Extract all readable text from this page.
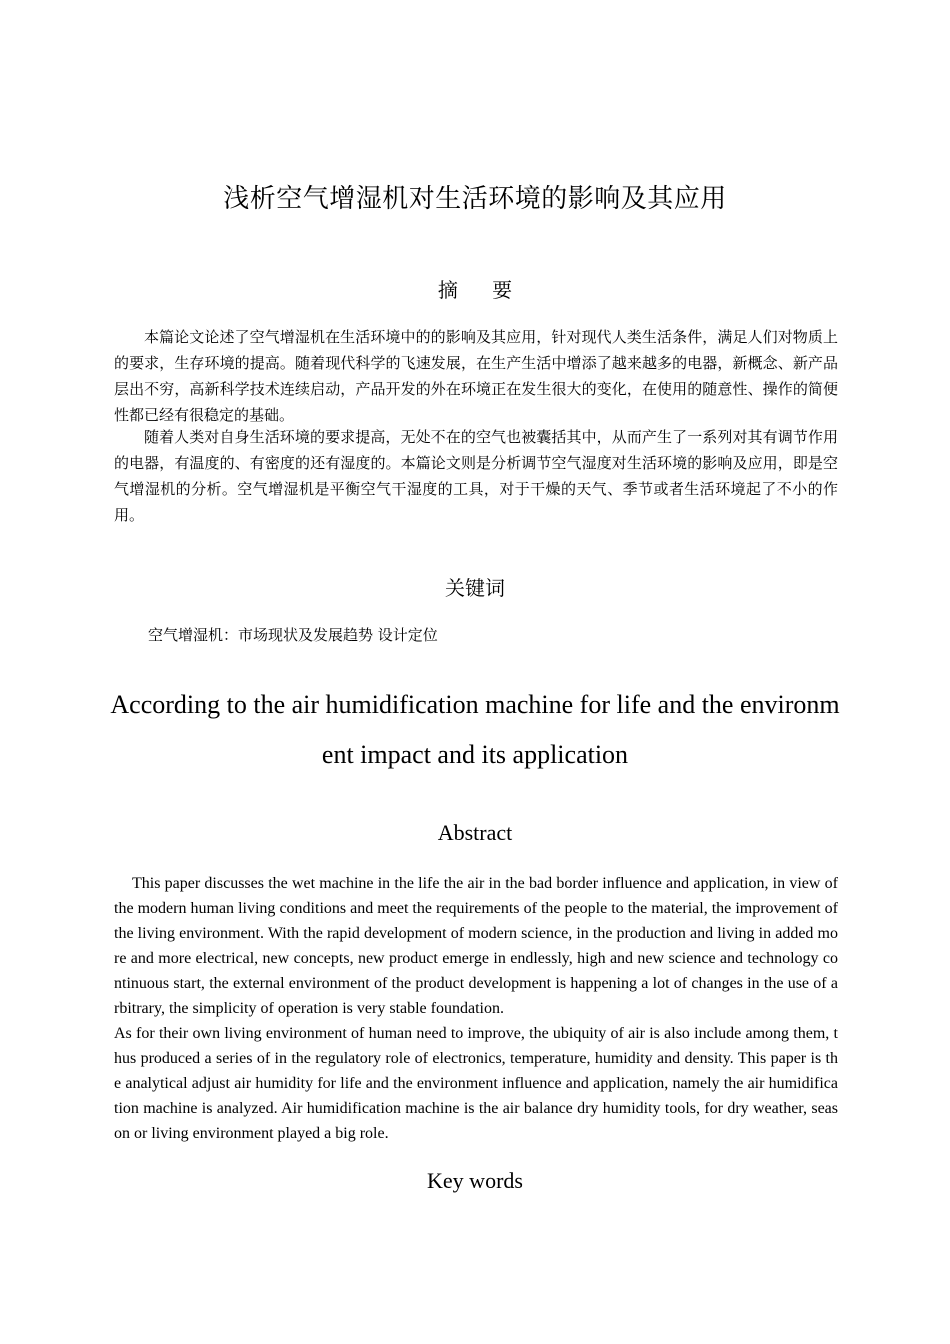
浅析空气增湿机对生活环境的影响及其应用
摘 要

本篇论文论述了空气增湿机在生活环境中的的影响及其应用，针对现代人类生活条件，满足人们对物质上的要求，生存环境的提高。随着现代科学的飞速发展，在生产生活中增添了越来越多的电器，新概念、新产品层出不穷，高新科学技术连续启动，产品开发的外在环境正在发生很大的变化，在使用的随意性、操作的简便性都已经有很稳定的基础。

随着人类对自身生活环境的要求提高，无处不在的空气也被囊括其中，从而产生了一系列对其有调节作用的电器，有温度的、有密度的还有湿度的。本篇论文则是分析调节空气湿度对生活环境的影响及应用，即是空气增湿机的分析。空气增湿机是平衡空气干湿度的工具，对于干燥的天气、季节或者生活环境起了不小的作用。

关键词
空气增湿机：市场现状及发展趋势 设计定位
According to the air humidification machine for life and the environment impact and its application
Abstract

This paper discusses the wet machine in the life the air in the bad border influence and application, in view of the modern human living conditions and meet the requirements of the people to the material, the improvement of the living environment. With the rapid development of modern science, in the production and living in added more and more electrical, new concepts, new product emerge in endlessly, high and new science and technology continuous start, the external environment of the product development is happening a lot of changes in the use of arbitrary, the simplicity of operation is very stable foundation.

As for their own living environment of human need to improve, the ubiquity of air is also include among them, thus produced a series of in the regulatory role of electronics, temperature, humidity and density. This paper is the analytical adjust air humidity for life and the environment influence and application, namely the air humidification machine is analyzed. Air humidification machine is the air balance dry humidity tools, for dry weather, season or living environment played a big role.

Key words
